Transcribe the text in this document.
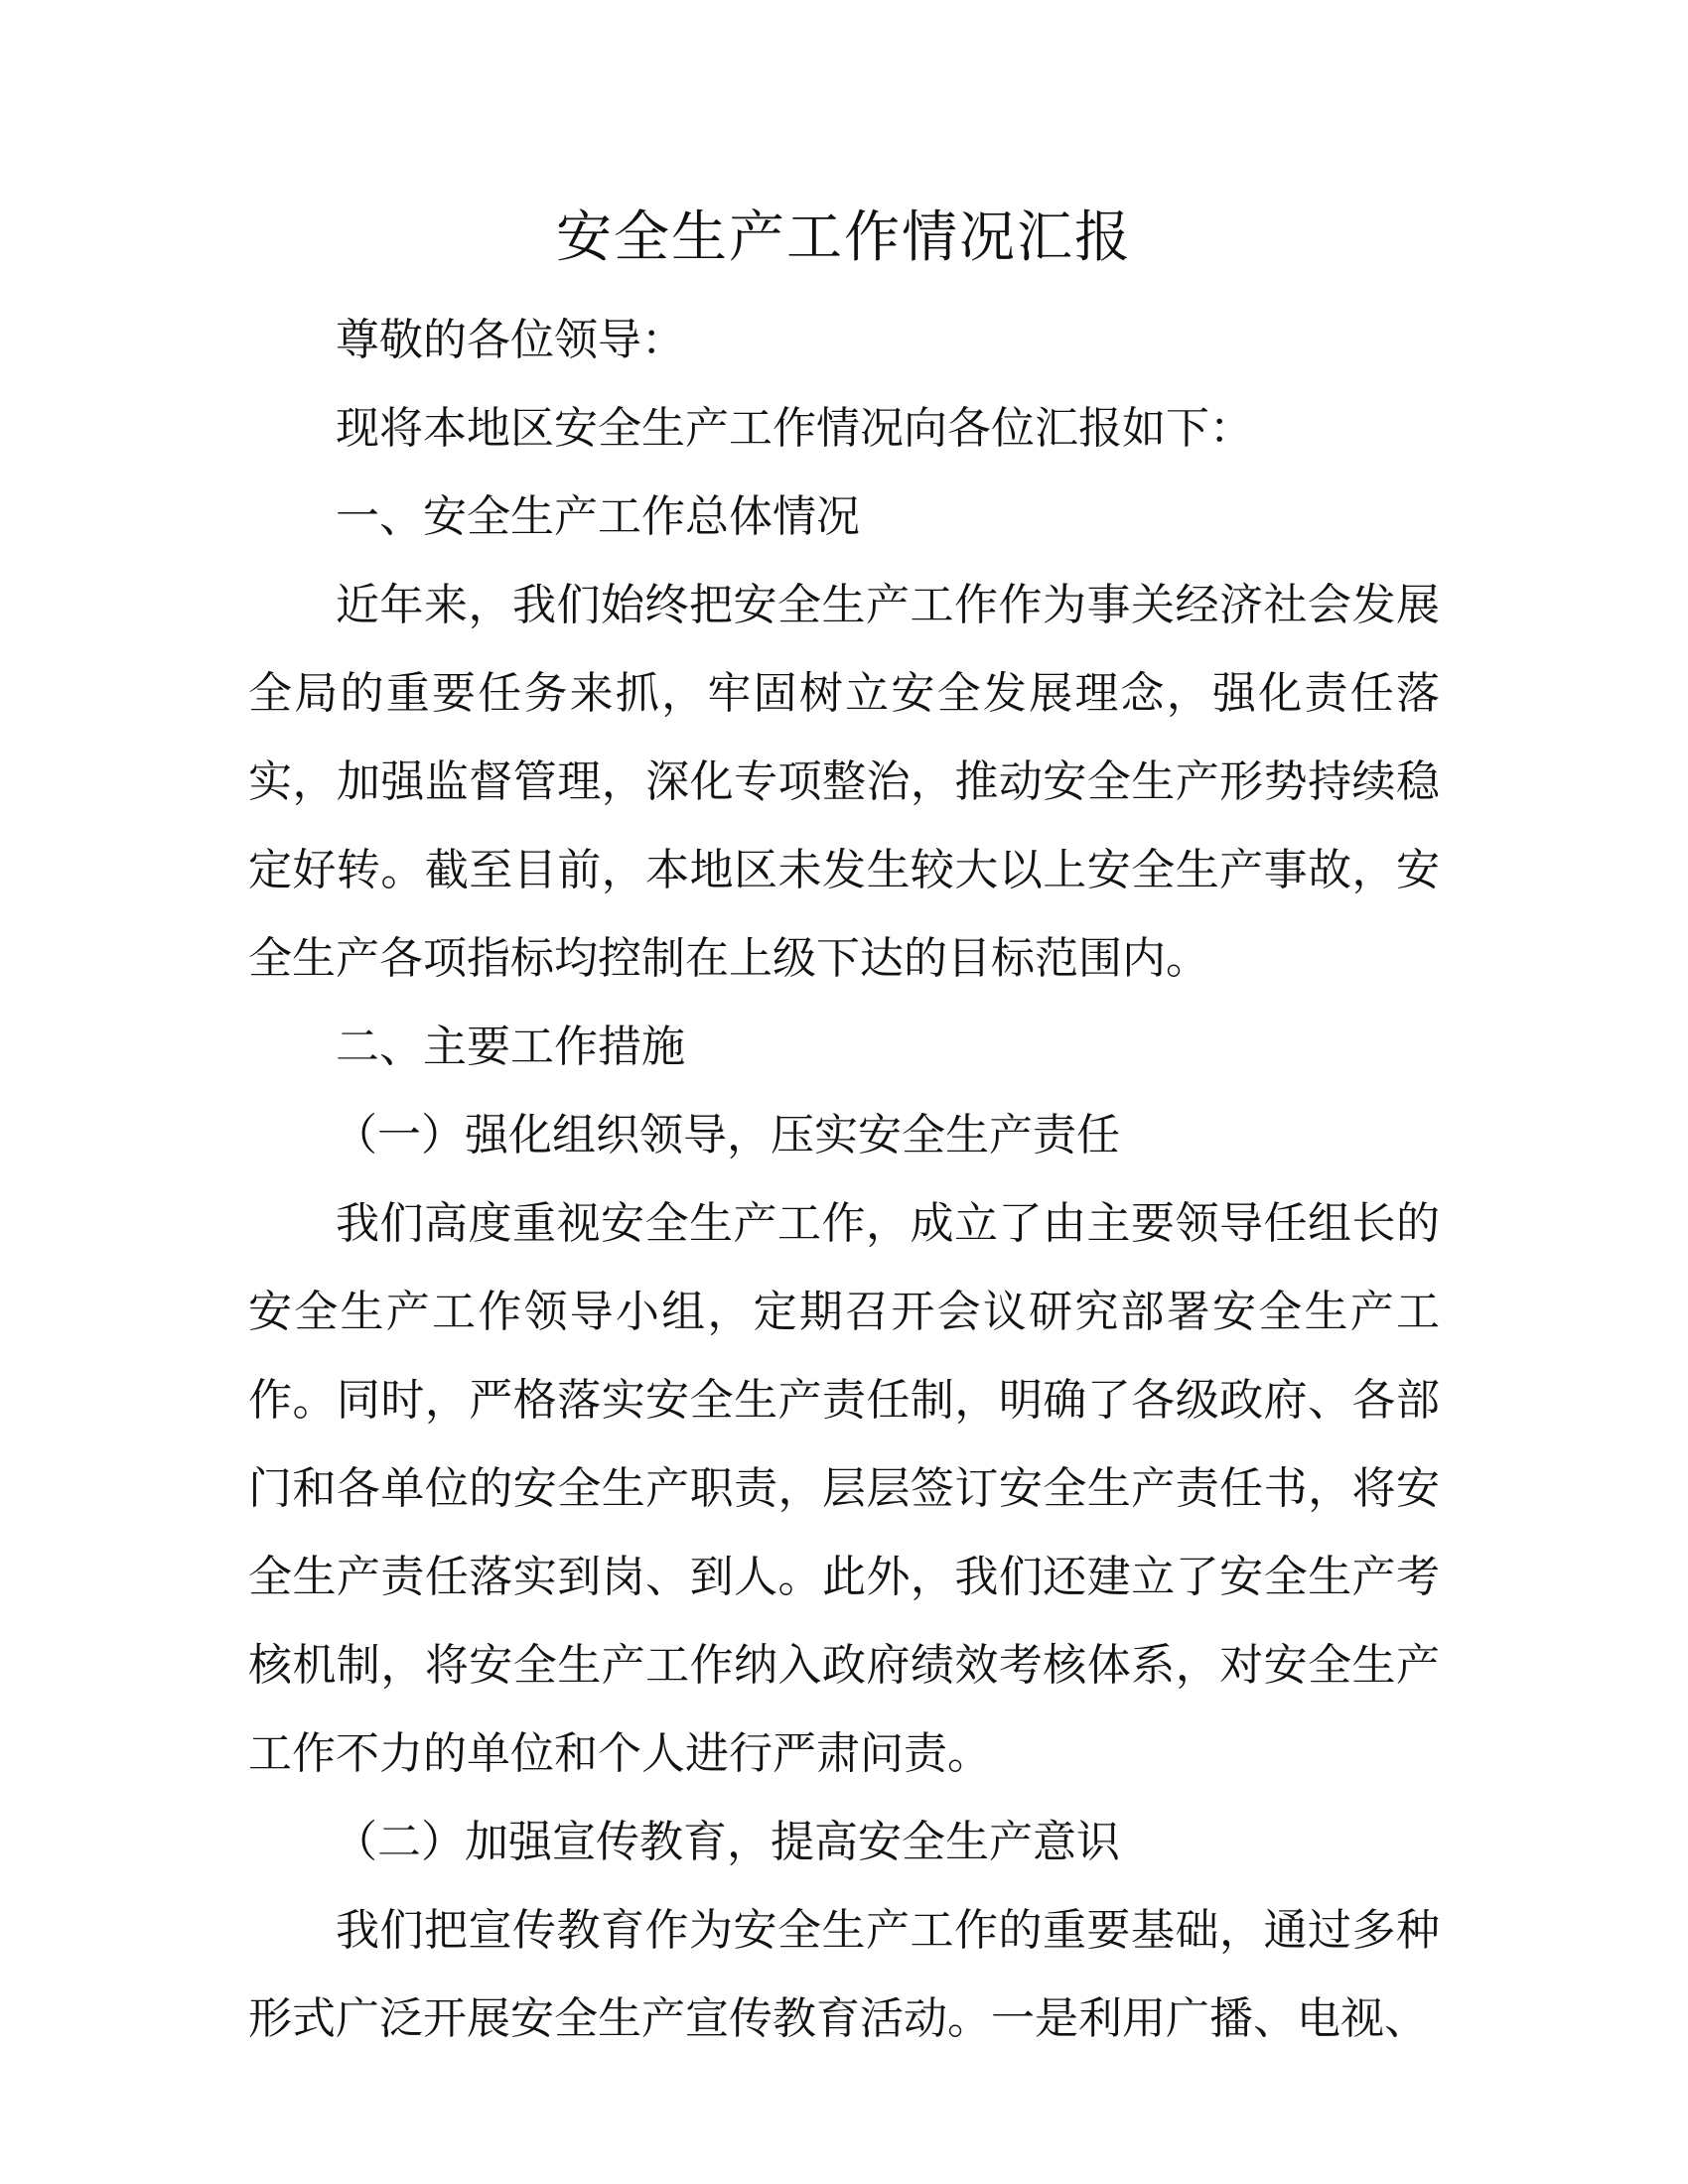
安全生产工作情况汇报

尊敬的各位领导：

现将本地区安全生产工作情况向各位汇报如下：

一、安全生产工作总体情况

近年来，我们始终把安全生产工作作为事关经济社会发展全局的重要任务来抓，牢固树立安全发展理念，强化责任落实，加强监督管理，深化专项整治，推动安全生产形势持续稳定好转。截至目前，本地区未发生较大以上安全生产事故，安全生产各项指标均控制在上级下达的目标范围内。

二、主要工作措施

（一）强化组织领导，压实安全生产责任

我们高度重视安全生产工作，成立了由主要领导任组长的安全生产工作领导小组，定期召开会议研究部署安全生产工作。同时，严格落实安全生产责任制，明确了各级政府、各部门和各单位的安全生产职责，层层签订安全生产责任书，将安全生产责任落实到岗、到人。此外，我们还建立了安全生产考核机制，将安全生产工作纳入政府绩效考核体系，对安全生产工作不力的单位和个人进行严肃问责。

（二）加强宣传教育，提高安全生产意识

我们把宣传教育作为安全生产工作的重要基础，通过多种形式广泛开展安全生产宣传教育活动。一是利用广播、电视、
